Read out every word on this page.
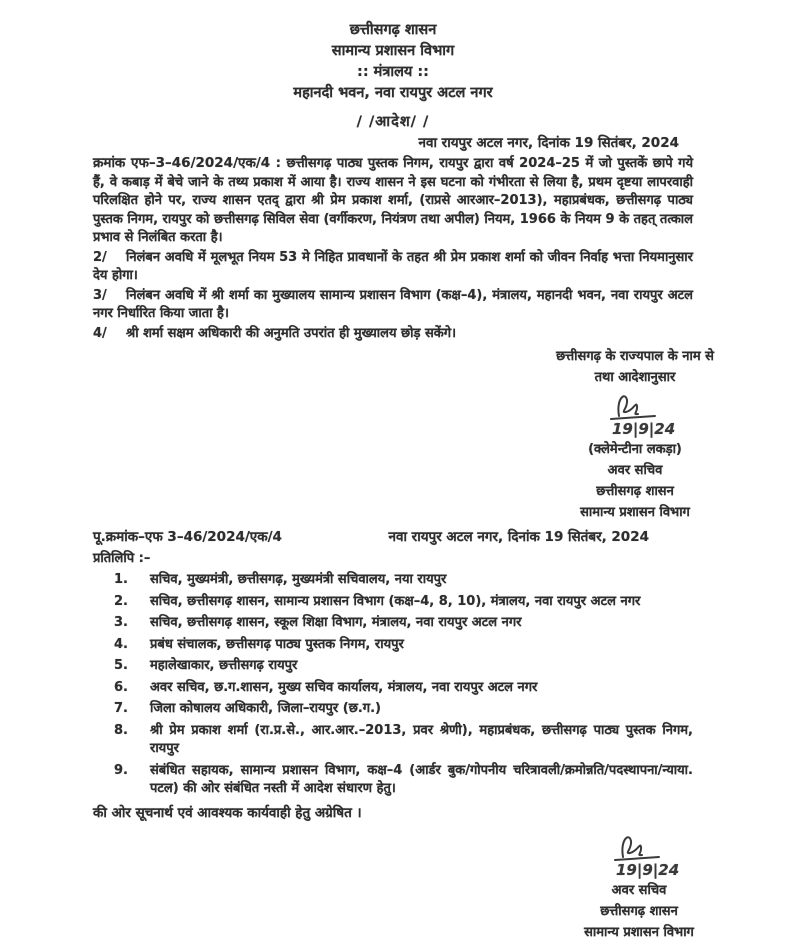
छत्तीसगढ़ शासन
सामान्य प्रशासन विभाग
:: मंत्रालय ::
महानदी भवन, नवा रायपुर अटल नगर
/ /आदेश/ /
नवा रायपुर अटल नगर, दिनांक 19 सितंबर, 2024

क्रमांक एफ–3–46/2024/एक/4 : छत्तीसगढ़ पाठ्य पुस्तक निगम, रायपुर द्वारा वर्ष 2024–25 में जो पुस्तकें छापे गये हैं, वे कबाड़ में बेचे जाने के तथ्य प्रकाश में आया है। राज्य शासन ने इस घटना को गंभीरता से लिया है, प्रथम दृष्टया लापरवाही परिलक्षित होने पर, राज्य शासन एतद् द्वारा श्री प्रेम प्रकाश शर्मा, (राप्रसे आरआर–2013), महाप्रबंधक, छत्तीसगढ़ पाठ्य पुस्तक निगम, रायपुर को छत्तीसगढ़ सिविल सेवा (वर्गीकरण, नियंत्रण तथा अपील) नियम, 1966 के नियम 9 के तहत् तत्काल प्रभाव से निलंबित करता है।

2/ निलंबन अवधि में मूलभूत नियम 53 मे निहित प्रावधानों के तहत श्री प्रेम प्रकाश शर्मा को जीवन निर्वाह भत्ता नियमानुसार देय होगा।

3/ निलंबन अवधि में श्री शर्मा का मुख्यालय सामान्य प्रशासन विभाग (कक्ष–4), मंत्रालय, महानदी भवन, नवा रायपुर अटल नगर निर्धारित किया जाता है।

4/ श्री शर्मा सक्षम अधिकारी की अनुमति उपरांत ही मुख्यालय छोड़ सकेंगे।

छत्तीसगढ़ के राज्यपाल के नाम से
तथा आदेशानुसार
19|9|24
(क्लेमेन्टीना लकड़ा)
अवर सचिव
छत्तीसगढ़ शासन
सामान्य प्रशासन विभाग
पू.क्रमांक–एफ 3–46/2024/एक/4	नवा रायपुर अटल नगर, दिनांक 19 सितंबर, 2024
प्रतिलिपि :–
1.	सचिव, मुख्यमंत्री, छत्तीसगढ़, मुख्यमंत्री सचिवालय, नया रायपुर
2.	सचिव, छत्तीसगढ़ शासन, सामान्य प्रशासन विभाग (कक्ष–4, 8, 10), मंत्रालय, नवा रायपुर अटल नगर
3.	सचिव, छत्तीसगढ़ शासन, स्कूल शिक्षा विभाग, मंत्रालय, नवा रायपुर अटल नगर
4.	प्रबंध संचालक, छत्तीसगढ़ पाठ्य पुस्तक निगम, रायपुर
5.	महालेखाकार, छत्तीसगढ़ रायपुर
6.	अवर सचिव, छ.ग.शासन, मुख्य सचिव कार्यालय, मंत्रालय, नवा रायपुर अटल नगर
7.	जिला कोषालय अधिकारी, जिला–रायपुर (छ.ग.)
8.	श्री प्रेम प्रकाश शर्मा (रा.प्र.से., आर.आर.–2013, प्रवर श्रेणी), महाप्रबंधक, छत्तीसगढ़ पाठ्य पुस्तक निगम, रायपुर
9.	संबंधित सहायक, सामान्य प्रशासन विभाग, कक्ष–4 (आर्डर बुक/गोपनीय चरित्रावली/क्रमोन्नति/पदस्थापना/न्याया. पटल) की ओर संबंधित नस्ती में आदेश संधारण हेतु।
की ओर सूचनार्थ एवं आवश्यक कार्यवाही हेतु अग्रेषित ।
19|9|24
अवर सचिव
छत्तीसगढ़ शासन
सामान्य प्रशासन विभाग
